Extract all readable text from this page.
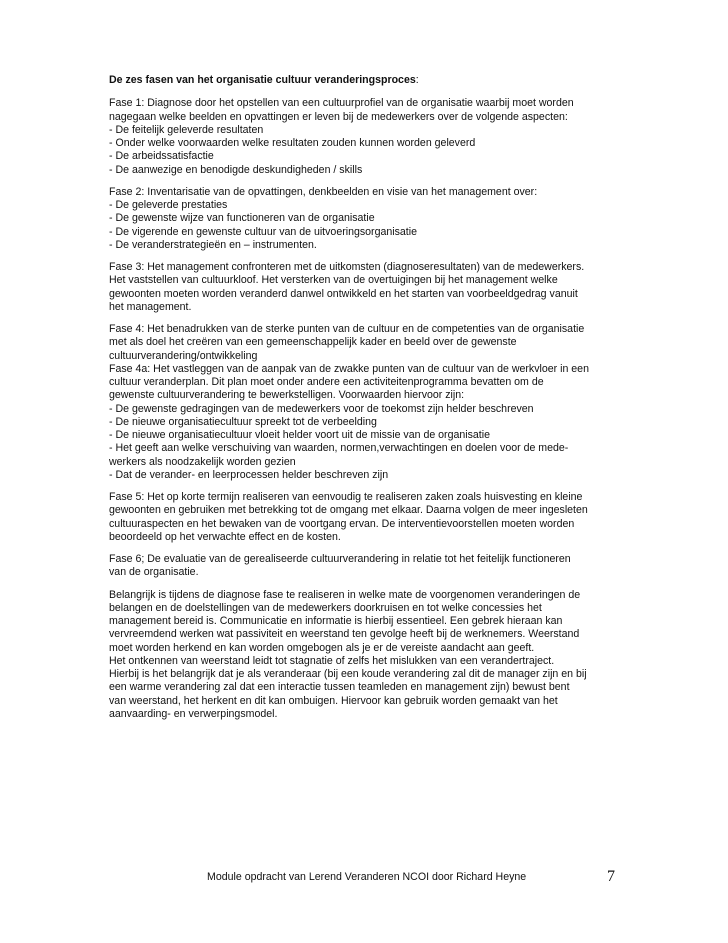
De zes fasen van het organisatie cultuur veranderingsproces:

Fase 1: Diagnose door het opstellen van een cultuurprofiel van de organisatie waarbij moet worden
nagegaan welke beelden en opvattingen er leven bij de medewerkers over de volgende aspecten:
- De feitelijk geleverde resultaten
- Onder welke voorwaarden welke resultaten zouden kunnen worden geleverd
- De arbeidssatisfactie
- De aanwezige en benodigde deskundigheden / skills
Fase 2: Inventarisatie van de opvattingen, denkbeelden en visie van het management over:
- De geleverde prestaties
- De gewenste wijze van functioneren van de organisatie
- De vigerende en gewenste cultuur van de uitvoeringsorganisatie
- De veranderstrategieën en – instrumenten.
Fase 3: Het management confronteren met de uitkomsten (diagnoseresultaten) van de medewerkers.
Het vaststellen van cultuurkloof. Het versterken van de overtuigingen bij het management welke
gewoonten moeten worden veranderd danwel ontwikkeld en het starten van voorbeeldgedrag vanuit
het management.
Fase 4: Het benadrukken van de sterke punten van de cultuur en de competenties van de organisatie
met als doel het creëren van een gemeenschappelijk kader en beeld over de gewenste
cultuurverandering/ontwikkeling
Fase 4a: Het vastleggen van de aanpak van de zwakke punten van de cultuur van de werkvloer in een
cultuur veranderplan. Dit plan moet onder andere een activiteitenprogramma bevatten om de
gewenste cultuurverandering te bewerkstelligen. Voorwaarden hiervoor zijn:
- De gewenste gedragingen van de medewerkers voor de toekomst zijn helder beschreven
- De nieuwe organisatiecultuur spreekt tot de verbeelding
- De nieuwe organisatiecultuur vloeit helder voort uit de missie van de organisatie
- Het geeft aan welke verschuiving van waarden, normen,verwachtingen en doelen voor de mede-
werkers als noodzakelijk worden gezien
- Dat de verander- en leerprocessen helder beschreven zijn
Fase 5: Het op korte termijn realiseren van eenvoudig te realiseren zaken zoals huisvesting en kleine
gewoonten en gebruiken met betrekking tot de omgang met elkaar. Daarna volgen de meer ingesleten
cultuuraspecten en het bewaken van de voortgang ervan. De interventievoorstellen moeten worden
beoordeeld op het verwachte effect en de kosten.
Fase 6; De evaluatie van de gerealiseerde cultuurverandering in relatie tot het feitelijk functioneren
van de organisatie.
Belangrijk is tijdens de diagnose fase te realiseren in welke mate de voorgenomen veranderingen de
belangen en de doelstellingen van de medewerkers doorkruisen en tot welke concessies het
management bereid is. Communicatie en informatie is hierbij essentieel. Een gebrek hieraan kan
vervreemdend werken wat passiviteit en weerstand ten gevolge heeft bij de werknemers. Weerstand
moet worden herkend en kan worden omgebogen als je er de vereiste aandacht aan geeft.
Het ontkennen van weerstand leidt tot stagnatie of zelfs het mislukken van een verandertraject.
Hierbij is het belangrijk dat je als veranderaar (bij een koude verandering zal dit de manager zijn en bij
een warme verandering zal dat een interactie tussen teamleden en management zijn) bewust bent
van weerstand, het herkent en dit kan ombuigen. Hiervoor kan gebruik worden gemaakt van het
aanvaarding- en verwerpingsmodel.
Module opdracht van Lerend Veranderen NCOI door Richard Heyne	7
